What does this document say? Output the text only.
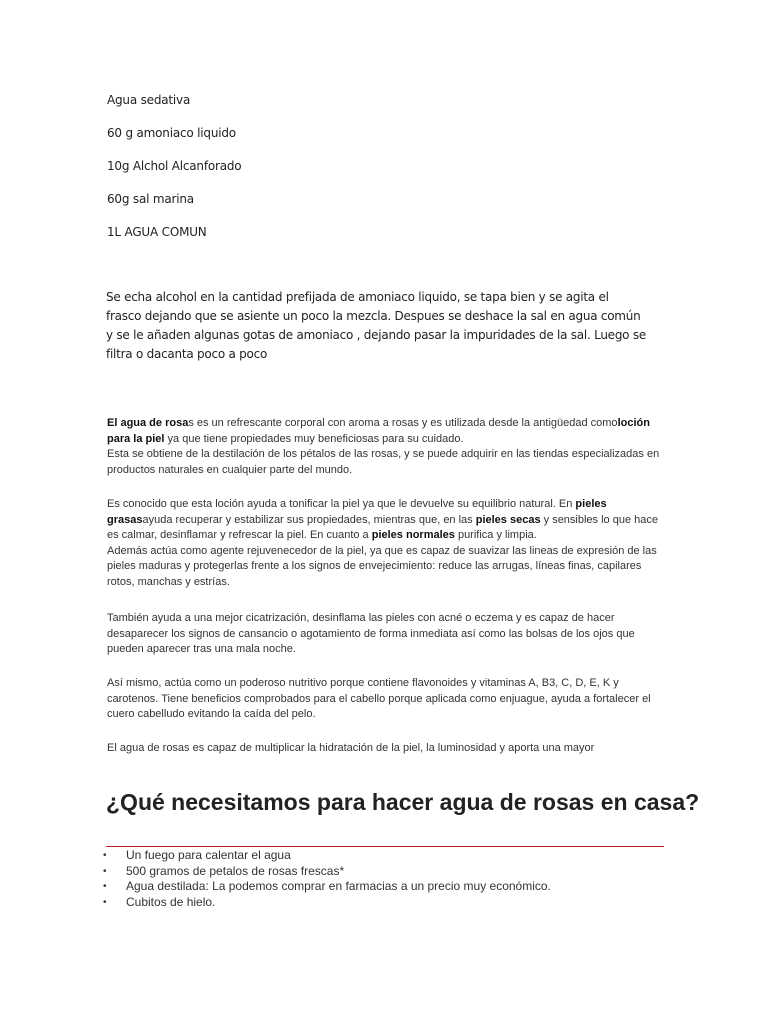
Agua sedativa
60 g amoniaco liquido
10g Alchol Alcanforado
60g sal marina
1L AGUA COMUN

Se echa alcohol en la cantidad prefijada de amoniaco liquido, se tapa bien y se agita el frasco dejando que se asiente un poco la mezcla. Despues se deshace la sal en agua común y se le añaden algunas gotas de amoniaco , dejando pasar la impuridades de la sal. Luego se filtra o dacanta poco a poco

El agua de rosas es un refrescante corporal con aroma a rosas y es utilizada desde la antigüedad comoloción para la piel ya que tiene propiedades muy beneficiosas para su cuidado.
Esta se obtiene de la destilación de los pétalos de las rosas, y se puede adquirir en las tiendas especializadas en productos naturales en cualquier parte del mundo.

Es conocido que esta loción ayuda a tonificar la piel ya que le devuelve su equilibrio natural. En pieles grasasayuda recuperar y estabilizar sus propiedades, mientras que, en las pieles secas y sensibles lo que hace es calmar, desinflamar y refrescar la piel. En cuanto a pieles normales purifica y limpia.
Además actúa como agente rejuvenecedor de la piel, ya que es capaz de suavizar las lineas de expresión de las pieles maduras y protegerlas frente a los signos de envejecimiento: reduce las arrugas, líneas finas, capilares rotos, manchas y estrías.

También ayuda a una mejor cicatrización, desinflama las pieles con acné o eczema y es capaz de hacer desaparecer los signos de cansancio o agotamiento de forma inmediata así como las bolsas de los ojos que pueden aparecer tras una mala noche.

Así mismo, actúa como un poderoso nutritivo porque contiene flavonoides y vitaminas A, B3, C, D, E, K y carotenos. Tiene beneficios comprobados para el cabello porque aplicada como enjuague, ayuda a fortalecer el cuero cabelludo evitando la caída del pelo.

El agua de rosas es capaz de multiplicar la hidratación de la piel, la luminosidad y aporta una mayor

¿Qué necesitamos para hacer agua de rosas en casa?
• Un fuego para calentar el agua
• 500 gramos de petalos de rosas frescas*
• Agua destilada: La podemos comprar en farmacias a un precio muy económico.
• Cubitos de hielo.
